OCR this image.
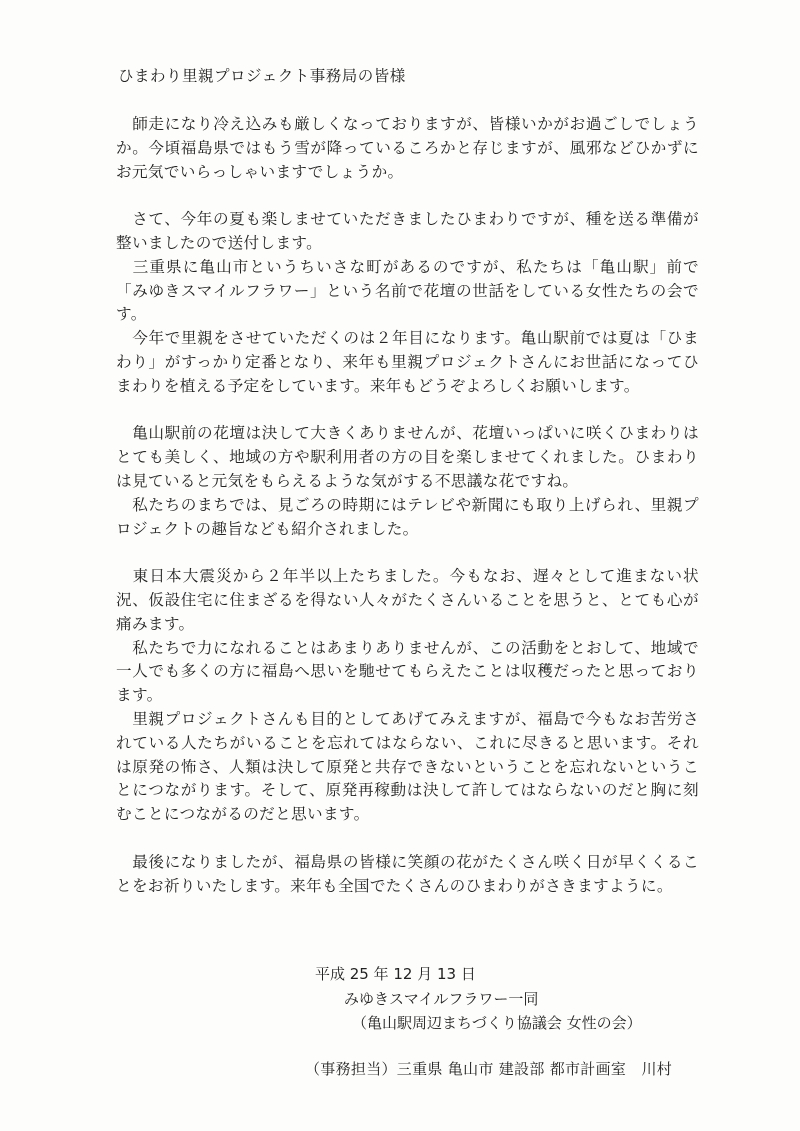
ひまわり里親プロジェクト事務局の皆様

　師走になり冷え込みも厳しくなっておりますが、皆様いかがお過ごしでしょうか。今頃福島県ではもう雪が降っているころかと存じますが、風邪などひかずにお元気でいらっしゃいますでしょうか。

　さて、今年の夏も楽しませていただきましたひまわりですが、種を送る準備が整いましたので送付します。

　三重県に亀山市というちいさな町があるのですが、私たちは「亀山駅」前で「みゆきスマイルフラワー」という名前で花壇の世話をしている女性たちの会です。

　今年で里親をさせていただくのは２年目になります。亀山駅前では夏は「ひまわり」がすっかり定番となり、来年も里親プロジェクトさんにお世話になってひまわりを植える予定をしています。来年もどうぞよろしくお願いします。

　亀山駅前の花壇は決して大きくありませんが、花壇いっぱいに咲くひまわりはとても美しく、地域の方や駅利用者の方の目を楽しませてくれました。ひまわりは見ていると元気をもらえるような気がする不思議な花ですね。

　私たちのまちでは、見ごろの時期にはテレビや新聞にも取り上げられ、里親プロジェクトの趣旨なども紹介されました。

　東日本大震災から２年半以上たちました。今もなお、遅々として進まない状況、仮設住宅に住まざるを得ない人々がたくさんいることを思うと、とても心が痛みます。

　私たちで力になれることはあまりありませんが、この活動をとおして、地域で一人でも多くの方に福島へ思いを馳せてもらえたことは収穫だったと思っております。

　里親プロジェクトさんも目的としてあげてみえますが、福島で今もなお苦労されている人たちがいることを忘れてはならない、これに尽きると思います。それは原発の怖さ、人類は決して原発と共存できないということを忘れないということにつながります。そして、原発再稼動は決して許してはならないのだと胸に刻むことにつながるのだと思います。

　最後になりましたが、福島県の皆様に笑顔の花がたくさん咲く日が早くくることをお祈りいたします。来年も全国でたくさんのひまわりがさきますように。

平成 25 年 12 月 13 日
みゆきスマイルフラワー一同
（亀山駅周辺まちづくり協議会 女性の会）
（事務担当）三重県 亀山市 建設部 都市計画室　川村
